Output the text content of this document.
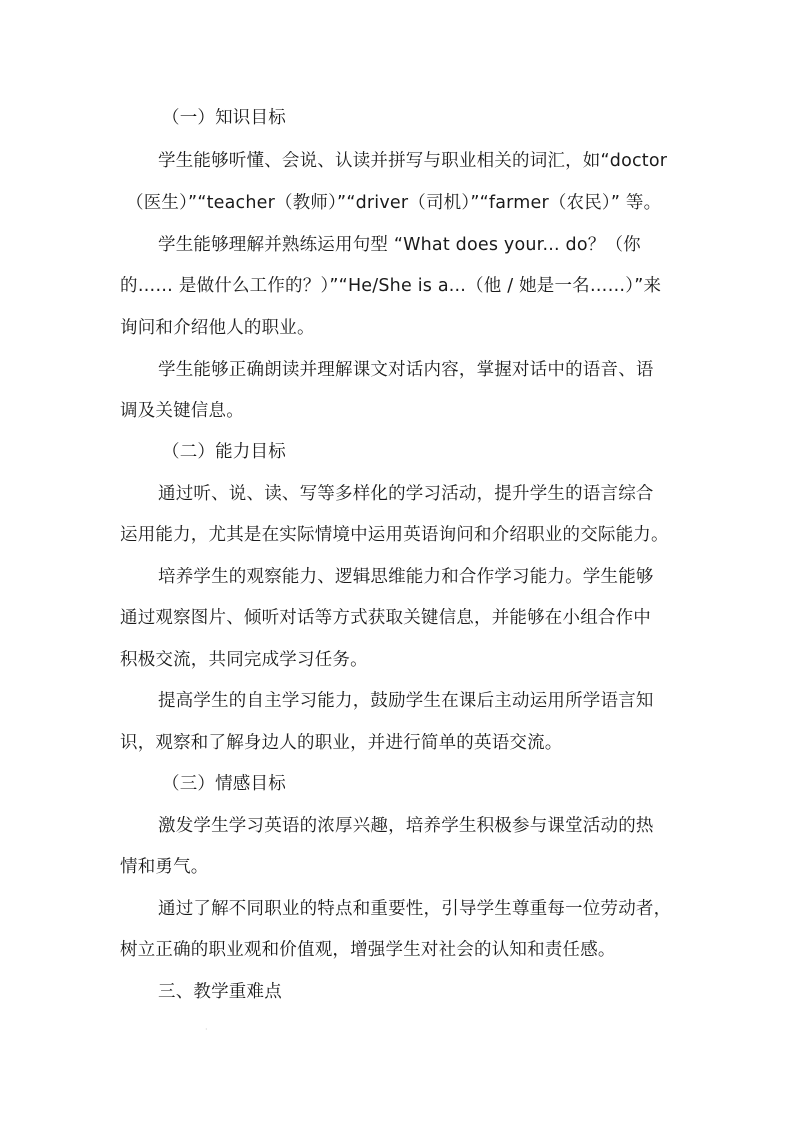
（一）知识目标
学生能够听懂、会说、认读并拼写与职业相关的词汇，如“doctor
（医生）”“teacher（教师）”“driver（司机）”“farmer（农民）” 等。
学生能够理解并熟练运用句型 “What does your... do？（你
的…… 是做什么工作的？）”“He/She is a...（他 / 她是一名……）”来
询问和介绍他人的职业。
学生能够正确朗读并理解课文对话内容，掌握对话中的语音、语
调及关键信息。
（二）能力目标
通过听、说、读、写等多样化的学习活动，提升学生的语言综合
运用能力，尤其是在实际情境中运用英语询问和介绍职业的交际能力。
培养学生的观察能力、逻辑思维能力和合作学习能力。学生能够
通过观察图片、倾听对话等方式获取关键信息，并能够在小组合作中
积极交流，共同完成学习任务。
提高学生的自主学习能力，鼓励学生在课后主动运用所学语言知
识，观察和了解身边人的职业，并进行简单的英语交流。
（三）情感目标
激发学生学习英语的浓厚兴趣，培养学生积极参与课堂活动的热
情和勇气。
通过了解不同职业的特点和重要性，引导学生尊重每一位劳动者，
树立正确的职业观和价值观，增强学生对社会的认知和责任感。
三、教学重难点
·
